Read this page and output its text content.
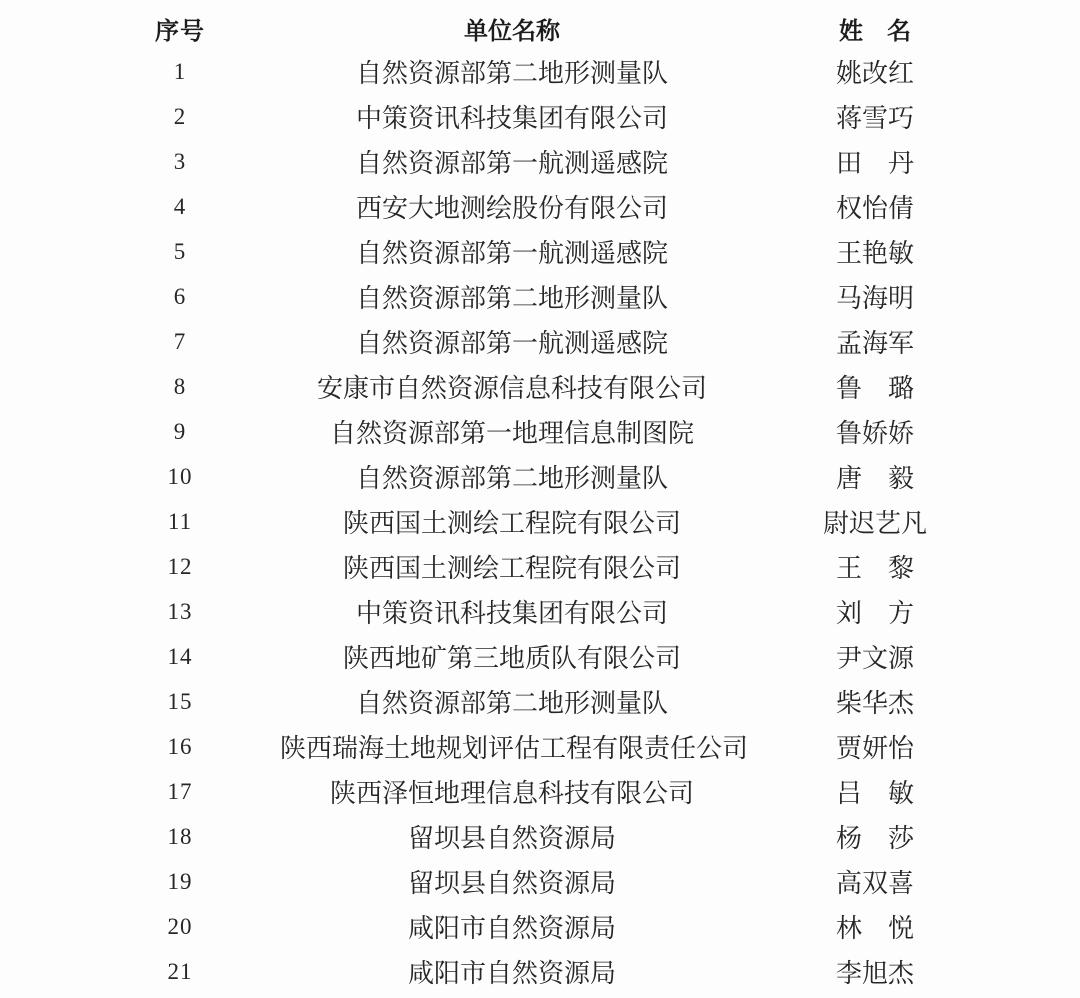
序号	单位名称	姓　名
1	自然资源部第二地形测量队	姚改红
2	中策资讯科技集团有限公司	蒋雪巧
3	自然资源部第一航测遥感院	田　丹
4	西安大地测绘股份有限公司	权怡倩
5	自然资源部第一航测遥感院	王艳敏
6	自然资源部第二地形测量队	马海明
7	自然资源部第一航测遥感院	孟海军
8	安康市自然资源信息科技有限公司	鲁　璐
9	自然资源部第一地理信息制图院	鲁娇娇
10	自然资源部第二地形测量队	唐　毅
11	陕西国土测绘工程院有限公司	尉迟艺凡
12	陕西国土测绘工程院有限公司	王　黎
13	中策资讯科技集团有限公司	刘　方
14	陕西地矿第三地质队有限公司	尹文源
15	自然资源部第二地形测量队	柴华杰
16	陕西瑞海土地规划评估工程有限责任公司	贾妍怡
17	陕西泽恒地理信息科技有限公司	吕　敏
18	留坝县自然资源局	杨　莎
19	留坝县自然资源局	高双喜
20	咸阳市自然资源局	林　悦
21	咸阳市自然资源局	李旭杰
